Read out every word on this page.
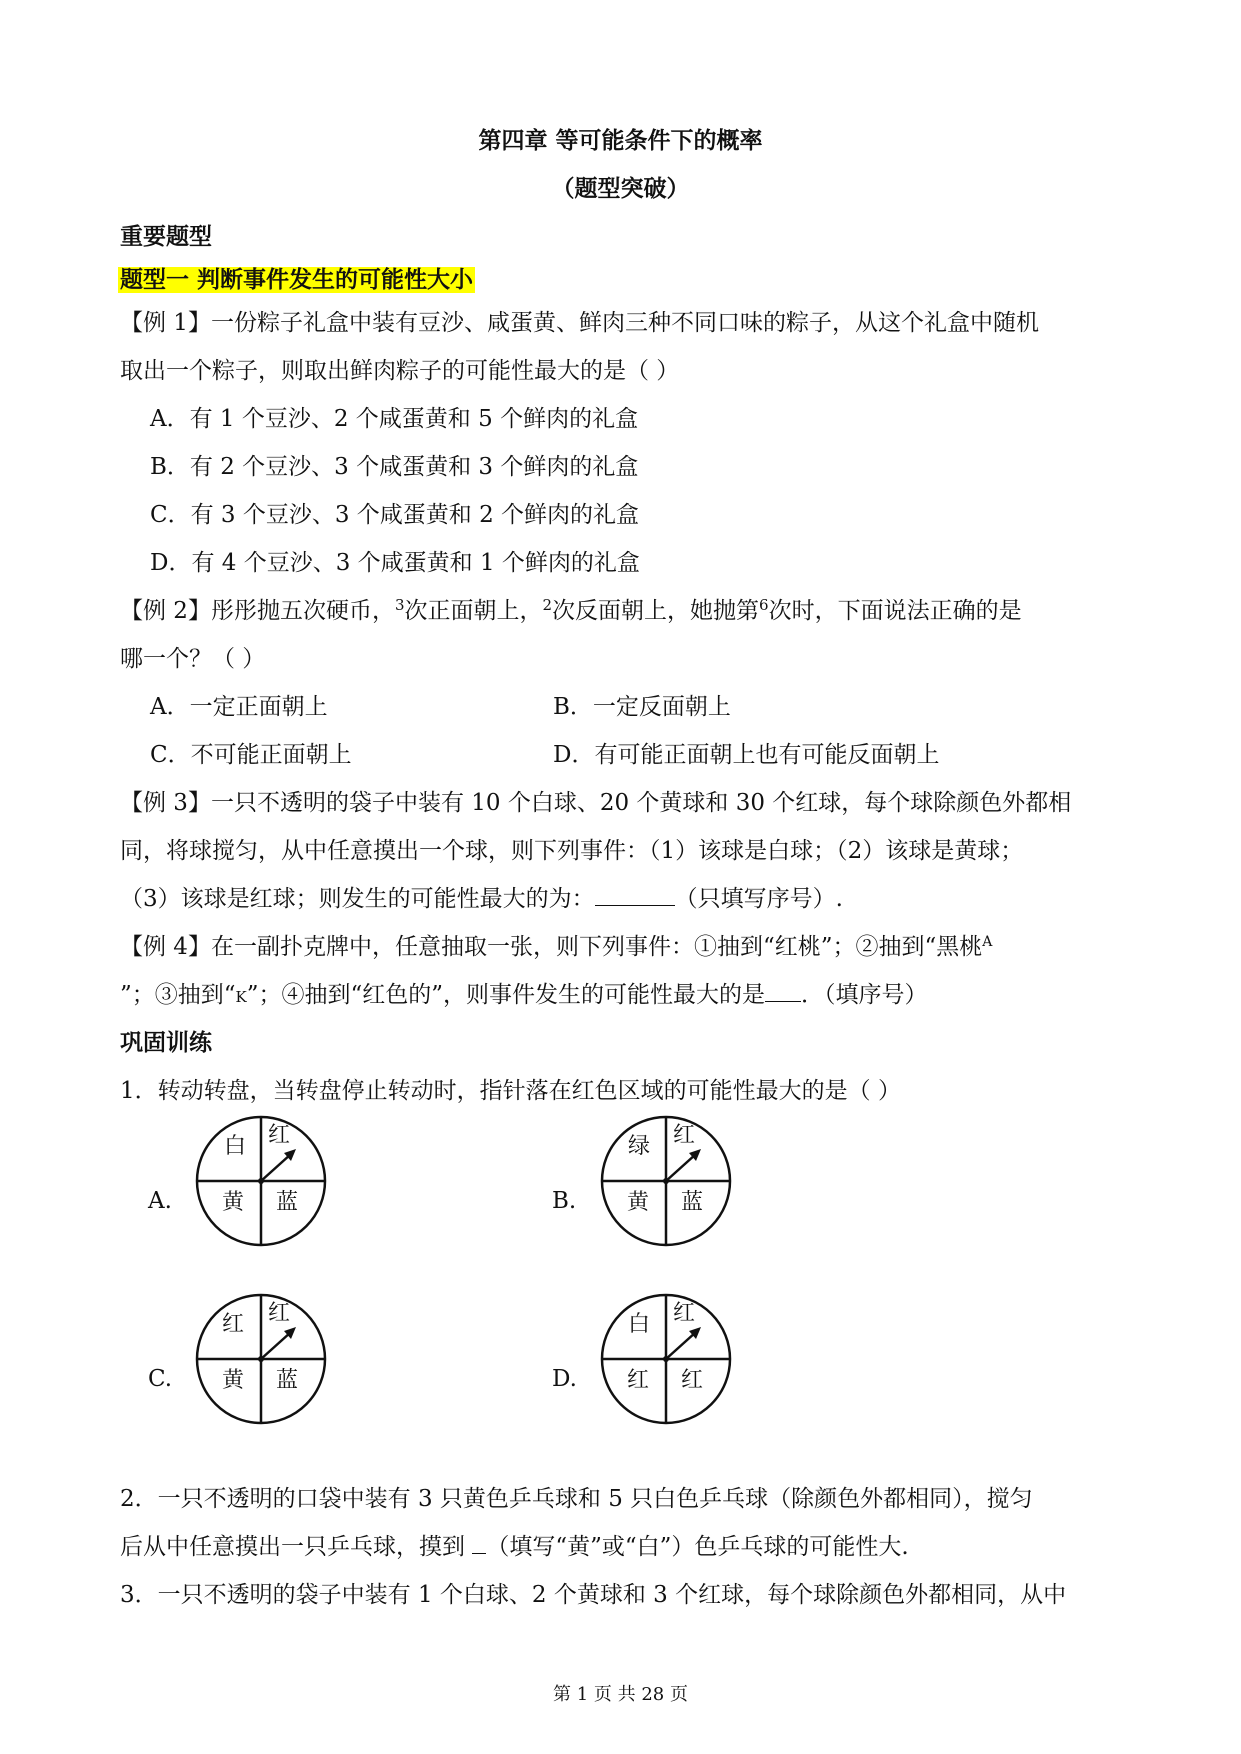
第四章 等可能条件下的概率
（题型突破）
重要题型
题型一 判断事件发生的可能性大小
【例 1】一份粽子礼盒中装有豆沙、咸蛋黄、鲜肉三种不同口味的粽子，从这个礼盒中随机
取出一个粽子，则取出鲜肉粽子的可能性最大的是（ ）
A．有 1 个豆沙、2 个咸蛋黄和 5 个鲜肉的礼盒
B．有 2 个豆沙、3 个咸蛋黄和 3 个鲜肉的礼盒
C．有 3 个豆沙、3 个咸蛋黄和 2 个鲜肉的礼盒
D．有 4 个豆沙、3 个咸蛋黄和 1 个鲜肉的礼盒
【例 2】彤彤抛五次硬币，$^3$次正面朝上，$^2$次反面朝上，她抛第$^6$次时，下面说法正确的是
哪一个？（ ）
A．一定正面朝上	B．一定反面朝上
C．不可能正面朝上	D．有可能正面朝上也有可能反面朝上
【例 3】一只不透明的袋子中装有 10 个白球、20 个黄球和 30 个红球，每个球除颜色外都相
同，将球搅匀，从中任意摸出一个球，则下列事件：（1）该球是白球；（2）该球是黄球；
（3）该球是红球；则发生的可能性最大的为：	（只填写序号）.
【例 4】在一副扑克牌中，任意抽取一张，则下列事件：①抽到“红桃”；②抽到“黑桃$^A$
”；③抽到“K”；④抽到“红色的”，则事件发生的可能性最大的是 ．（填序号）
巩固训练
1．转动转盘，当转盘停止转动时，指针落在红色区域的可能性最大的是（ ）
A.
白 红
黄 蓝	B.
绿 红
黄 蓝
C.
红 红
黄 蓝	D.
白 红
红 红
2．一只不透明的口袋中装有 3 只黄色乒乓球和 5 只白色乒乓球（除颜色外都相同），搅匀
后从中任意摸出一只乒乓球，摸到 （填写“黄”或“白”）色乒乓球的可能性大.
3．一只不透明的袋子中装有 1 个白球、2 个黄球和 3 个红球，每个球除颜色外都相同，从中
第 1 页 共 28 页
